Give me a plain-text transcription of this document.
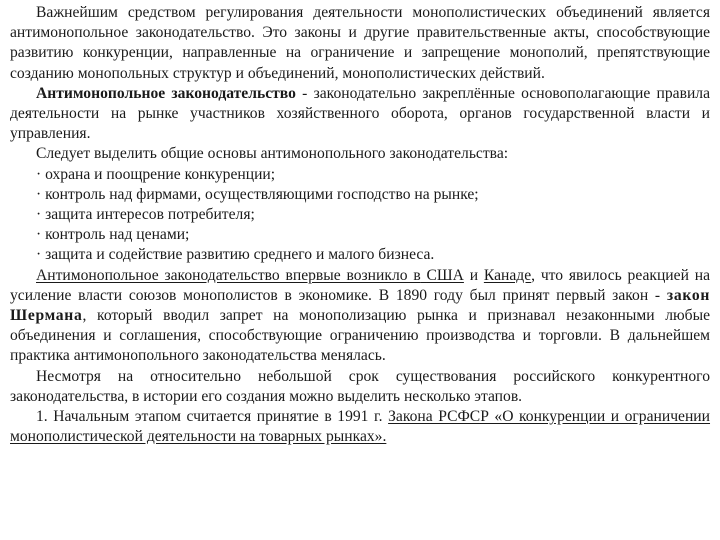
Важнейшим средством регулирования деятельности монополистических объединений является антимонопольное законодательство. Это законы и другие правительственные акты, способствующие развитию конкуренции, направленные на ограничение и запрещение монополий, препятствующие созданию монопольных структур и объединений, монополистических действий.

Антимонопольное законодательство - законодательно закреплённые основополагающие правила деятельности на рынке участников хозяйственного оборота, органов государственной власти и управления.

Следует выделить общие основы антимонопольного законодательства:

· охрана и поощрение конкуренции;

· контроль над фирмами, осуществляющими господство на рынке;

· защита интересов потребителя;

· контроль над ценами;

· защита и содействие развитию среднего и малого бизнеса.

Антимонопольное законодательство впервые возникло в США и Канаде, что явилось реакцией на усиление власти союзов монополистов в экономике. В 1890 году был принят первый закон - закон Шермана, который вводил запрет на монополизацию рынка и признавал незаконными любые объединения и соглашения, способствующие ограничению производства и торговли. В дальнейшем практика антимонопольного законодательства менялась.

Несмотря на относительно небольшой срок существования российского конкурентного законодательства, в истории его создания можно выделить несколько этапов.

1. Начальным этапом считается принятие в 1991 г. Закона РСФСР «О конкуренции и ограничении монополистической деятельности на товарных рынках».
